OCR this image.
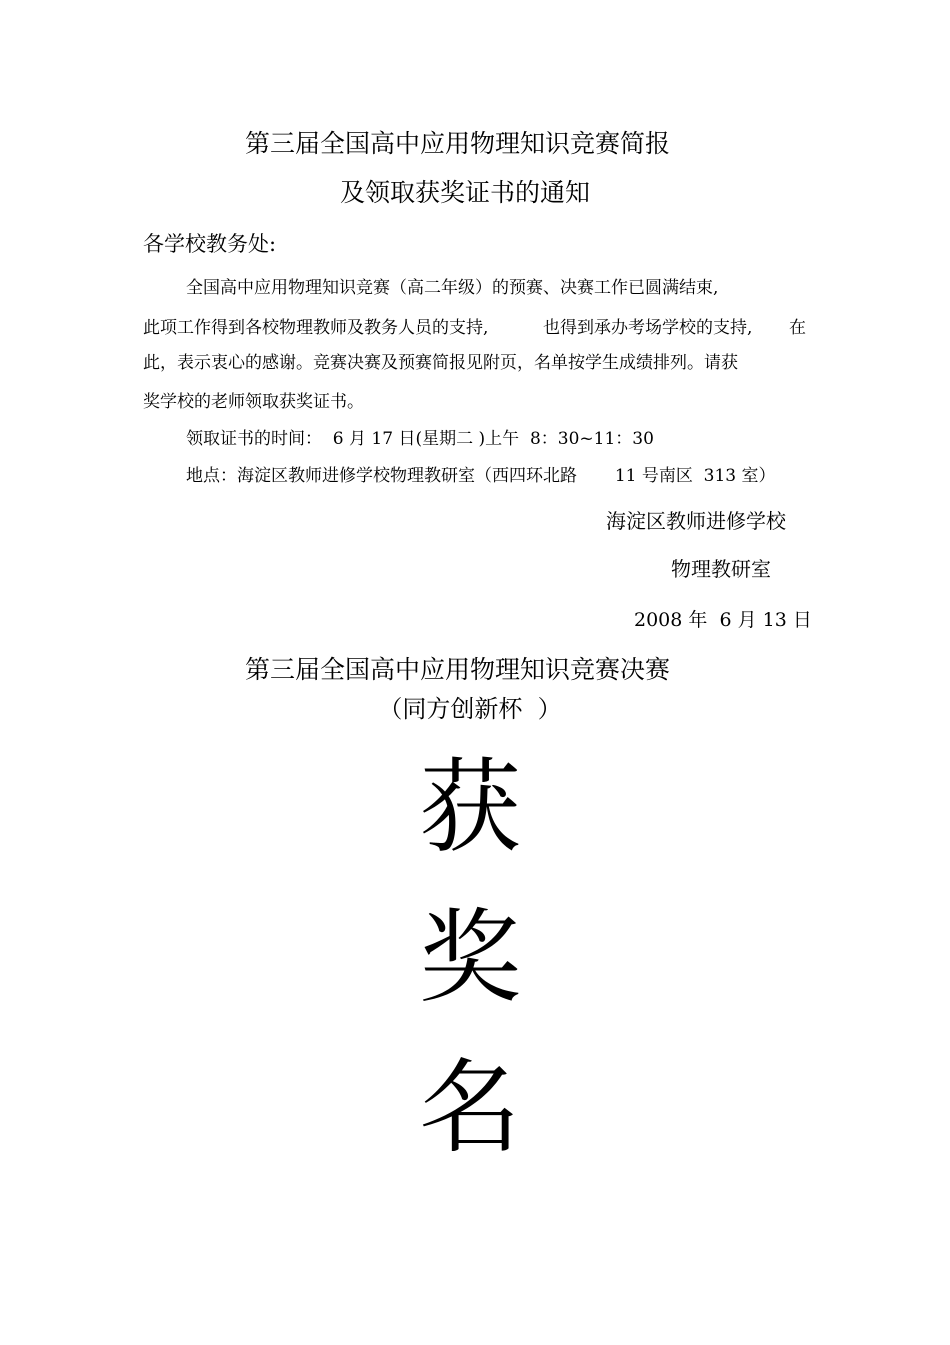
第三届全国高中应用物理知识竞赛简报
及领取获奖证书的通知
各学校教务处:
全国高中应用物理知识竞赛（高二年级）的预赛、决赛工作已圆满结束,
此项工作得到各校物理教师及教务人员的支持,	也得到承办考场学校的支持, 在
此，表示衷心的感谢。竞赛决赛及预赛简报见附页，名单按学生成绩排列。请获
奖学校的老师领取获奖证书。
领取证书的时间：  6 月 17 日(星期二 )上午  8：30~11：30
地点：海淀区教师进修学校物理教研室（西四环北路       11 号南区  313 室）
海淀区教师进修学校
物理教研室
2008 年  6 月 13 日
第三届全国高中应用物理知识竞赛决赛
（同方创新杯  ）
获
奖
名
